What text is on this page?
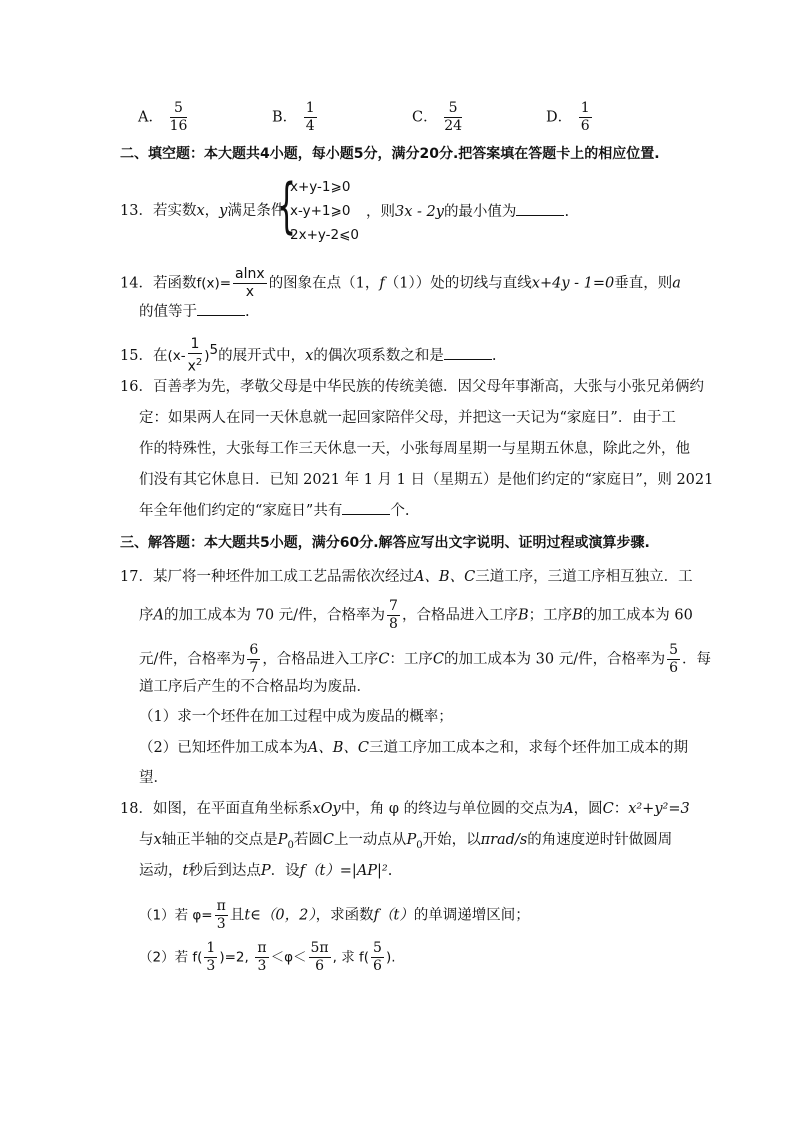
A． $\frac{5}{16}$	B． $\frac{1}{4}$	C． $\frac{5}{24}$	D． $\frac{1}{6}$
二、填空题：本大题共4小题，每小题5分，满分20分.把答案填在答题卡上的相应位置.
13．若实数x，y满足条件
{
x+y-1⩾0
x-y+1⩾0
2x+y-2⩽0
，则3x - 2y的最小值为	.
14．若函数$f(x)= \frac{alnx}{x}$ 的图象在点（1，f（1））处的切线与直线x+4y - 1=0垂直，则a
的值等于	.
15．在$(x- \frac{1}{x^2} )^5$的展开式中，x的偶次项系数之和是	.
16．百善孝为先，孝敬父母是中华民族的传统美德．因父母年事渐高，大张与小张兄弟俩约
定：如果两人在同一天休息就一起回家陪伴父母，并把这一天记为“家庭日”．由于工
作的特殊性，大张每工作三天休息一天，小张每周星期一与星期五休息，除此之外，他
们没有其它休息日．已知 2021 年 1 月 1 日（星期五）是他们约定的“家庭日”，则 2021
年全年他们约定的“家庭日”共有	个.
三、解答题：本大题共5小题，满分60分.解答应写出文字说明、证明过程或演算步骤.
17．某厂将一种坯件加工成工艺品需依次经过A、B、C三道工序，三道工序相互独立．工
序A的加工成本为 70 元/件，合格率为 $\frac{7}{8}$ ，合格品进入工序B；工序B的加工成本为 60
元/件，合格率为 $\frac{6}{7}$ ，合格品进入工序C：工序C的加工成本为 30 元/件，合格率为 $\frac{5}{6}$ ．每
道工序后产生的不合格品均为废品．
（1）求一个坯件在加工过程中成为废品的概率；
（2）已知坯件加工成本为A、B、C三道工序加工成本之和，求每个坯件加工成本的期
望．
18．如图，在平面直角坐标系xOy中，角 φ 的终边与单位圆的交点为A，圆C：x²+y²=3
与x轴正半轴的交点是$P_0$若圆C上一动点从$P_0$开始，以πrad/s的角速度逆时针做圆周
运动，t秒后到达点P．设f（t）=|AP|².
（1）若 $\varphi= \frac{\pi}{3}$ 且t∈（0，2），求函数f（t）的单调递增区间；
（2）若 $f( \frac{1}{3} )=2$, $\frac{\pi}{3} <\varphi< \frac{5\pi}{6}$ , 求 $f( \frac{5}{6}$ ).
